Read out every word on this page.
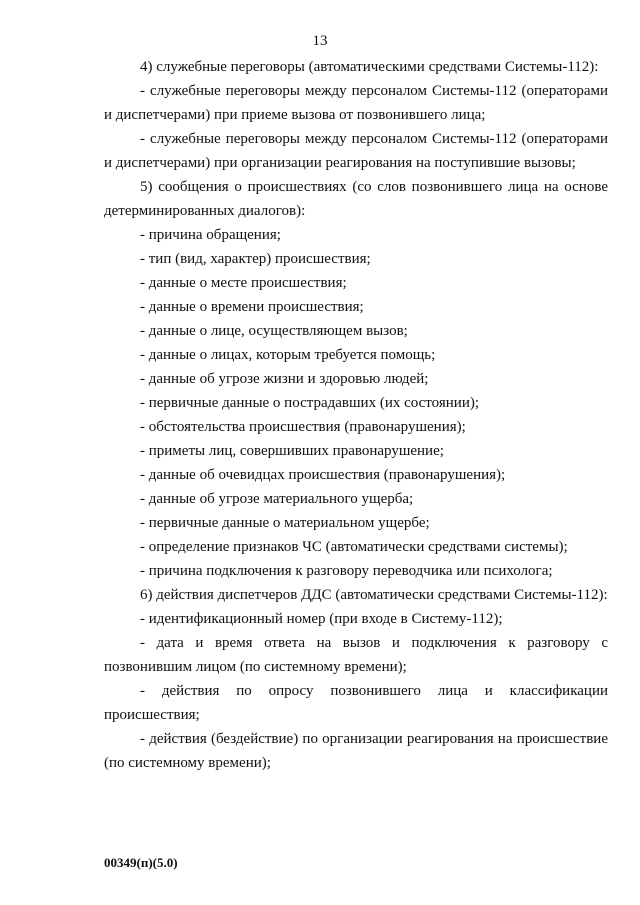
13

4) служебные переговоры (автоматическими средствами Системы-112):

- служебные переговоры между персоналом Системы-112 (операторами и диспетчерами) при приеме вызова от позвонившего лица;

- служебные переговоры между персоналом Системы-112 (операторами и диспетчерами) при организации реагирования на поступившие вызовы;

5) сообщения о происшествиях (со слов позвонившего лица на основе детерминированных диалогов):

- причина обращения;

- тип (вид, характер) происшествия;

- данные о месте происшествия;

- данные о времени происшествия;

- данные о лице, осуществляющем вызов;

- данные о лицах, которым требуется помощь;

- данные об угрозе жизни и здоровью людей;

- первичные данные о пострадавших (их состоянии);

- обстоятельства происшествия (правонарушения);

- приметы лиц, совершивших правонарушение;

- данные об очевидцах происшествия (правонарушения);

- данные об угрозе материального ущерба;

- первичные данные о материальном ущербе;

- определение признаков ЧС (автоматически средствами системы);

- причина подключения к разговору переводчика или психолога;

6) действия диспетчеров ДДС (автоматически средствами Системы-112):

- идентификационный номер (при входе в Систему-112);

- дата и время ответа на вызов и подключения к разговору с позвонившим лицом (по системному времени);

- действия по опросу позвонившего лица и классификации происшествия;

- действия (бездействие) по организации реагирования на происшествие (по системному времени);

00349(п)(5.0)
